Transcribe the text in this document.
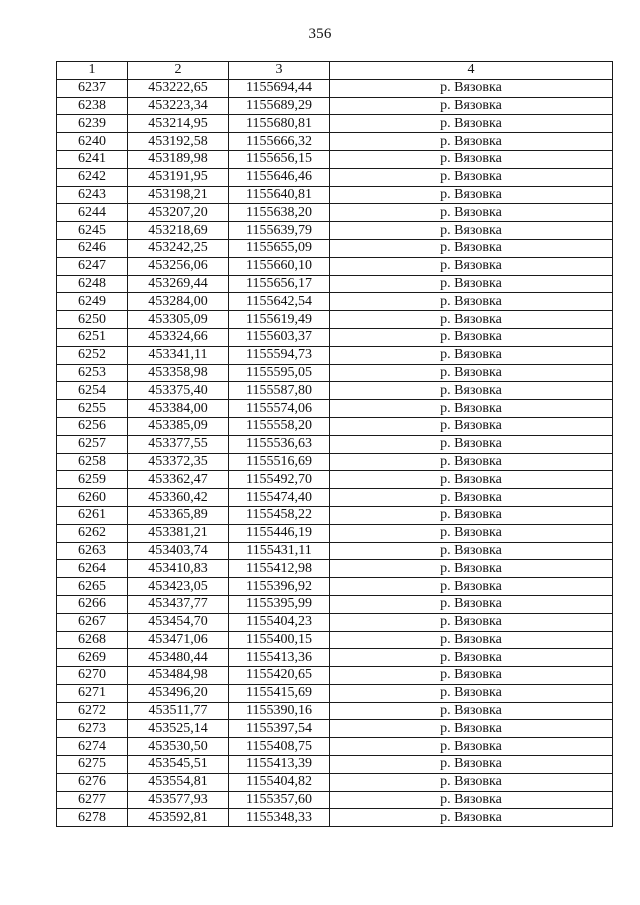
356
1	2	3	4
6237	453222,65	1155694,44	р. Вязовка
6238	453223,34	1155689,29	р. Вязовка
6239	453214,95	1155680,81	р. Вязовка
6240	453192,58	1155666,32	р. Вязовка
6241	453189,98	1155656,15	р. Вязовка
6242	453191,95	1155646,46	р. Вязовка
6243	453198,21	1155640,81	р. Вязовка
6244	453207,20	1155638,20	р. Вязовка
6245	453218,69	1155639,79	р. Вязовка
6246	453242,25	1155655,09	р. Вязовка
6247	453256,06	1155660,10	р. Вязовка
6248	453269,44	1155656,17	р. Вязовка
6249	453284,00	1155642,54	р. Вязовка
6250	453305,09	1155619,49	р. Вязовка
6251	453324,66	1155603,37	р. Вязовка
6252	453341,11	1155594,73	р. Вязовка
6253	453358,98	1155595,05	р. Вязовка
6254	453375,40	1155587,80	р. Вязовка
6255	453384,00	1155574,06	р. Вязовка
6256	453385,09	1155558,20	р. Вязовка
6257	453377,55	1155536,63	р. Вязовка
6258	453372,35	1155516,69	р. Вязовка
6259	453362,47	1155492,70	р. Вязовка
6260	453360,42	1155474,40	р. Вязовка
6261	453365,89	1155458,22	р. Вязовка
6262	453381,21	1155446,19	р. Вязовка
6263	453403,74	1155431,11	р. Вязовка
6264	453410,83	1155412,98	р. Вязовка
6265	453423,05	1155396,92	р. Вязовка
6266	453437,77	1155395,99	р. Вязовка
6267	453454,70	1155404,23	р. Вязовка
6268	453471,06	1155400,15	р. Вязовка
6269	453480,44	1155413,36	р. Вязовка
6270	453484,98	1155420,65	р. Вязовка
6271	453496,20	1155415,69	р. Вязовка
6272	453511,77	1155390,16	р. Вязовка
6273	453525,14	1155397,54	р. Вязовка
6274	453530,50	1155408,75	р. Вязовка
6275	453545,51	1155413,39	р. Вязовка
6276	453554,81	1155404,82	р. Вязовка
6277	453577,93	1155357,60	р. Вязовка
6278	453592,81	1155348,33	р. Вязовка
